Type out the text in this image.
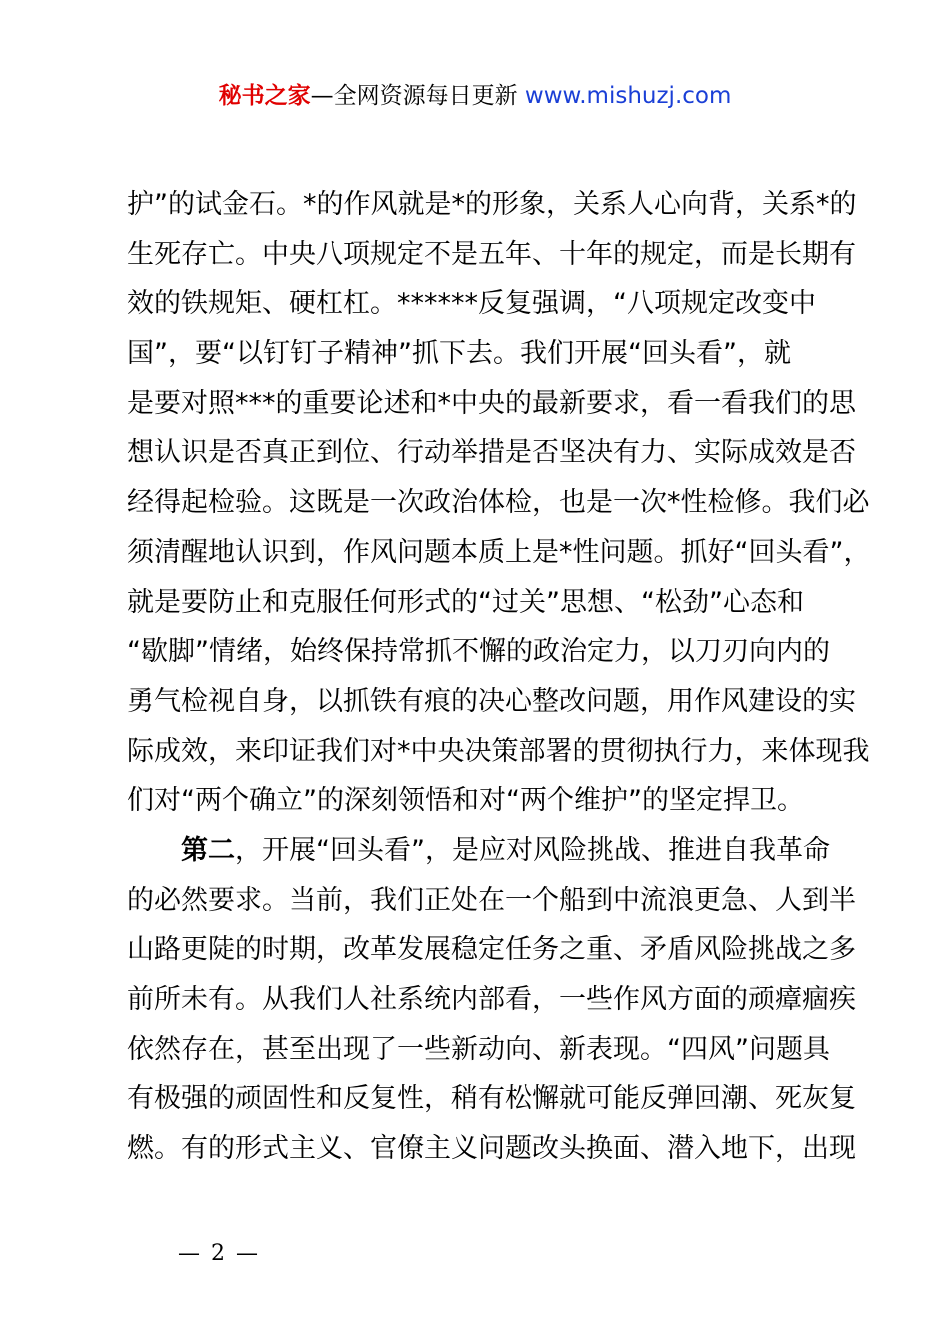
秘书之家—全网资源每日更新 www.mishuzj.com
护”的试金石。*的作风就是*的形象，关系人心向背，关系*的
生死存亡。中央八项规定不是五年、十年的规定，而是长期有
效的铁规矩、硬杠杠。******反复强调，“八项规定改变中
国”，要“以钉钉子精神”抓下去。我们开展“回头看”，就
是要对照***的重要论述和*中央的最新要求，看一看我们的思
想认识是否真正到位、行动举措是否坚决有力、实际成效是否
经得起检验。这既是一次政治体检，也是一次*性检修。我们必
须清醒地认识到，作风问题本质上是*性问题。抓好“回头看”，
就是要防止和克服任何形式的“过关”思想、“松劲”心态和
“歇脚”情绪，始终保持常抓不懈的政治定力，以刀刃向内的
勇气检视自身，以抓铁有痕的决心整改问题，用作风建设的实
际成效，来印证我们对*中央决策部署的贯彻执行力，来体现我
们对“两个确立”的深刻领悟和对“两个维护”的坚定捍卫。
第二，开展“回头看”，是应对风险挑战、推进自我革命
的必然要求。当前，我们正处在一个船到中流浪更急、人到半
山路更陡的时期，改革发展稳定任务之重、矛盾风险挑战之多
前所未有。从我们人社系统内部看，一些作风方面的顽瘴痼疾
依然存在，甚至出现了一些新动向、新表现。“四风”问题具
有极强的顽固性和反复性，稍有松懈就可能反弹回潮、死灰复
燃。有的形式主义、官僚主义问题改头换面、潜入地下，出现
— 2 —
